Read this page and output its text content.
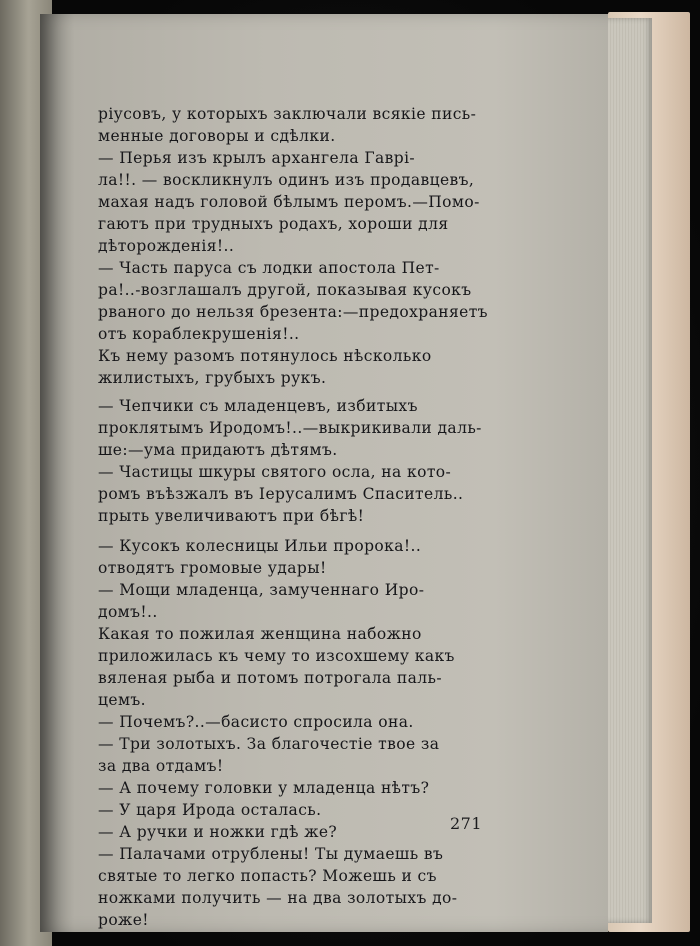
ріусовъ, у которыхъ заключали всякіе пись-
менные договоры и сдѣлки.
— Перья изъ крылъ архангела Гаврі-
ла!!. — воскликнулъ одинъ изъ продавцевъ,
махая надъ головой бѣлымъ перомъ.—Помо-
гаютъ при трудныхъ родахъ, хороши для
дѣторожденія!..
— Часть паруса съ лодки апостола Пет-
ра!..-возглашалъ другой, показывая кусокъ
рваного до нельзя брезента:—предохраняетъ
отъ кораблекрушенія!..
Къ нему разомъ потянулось нѣсколько
жилистыхъ, грубыхъ рукъ.
— Чепчики съ младенцевъ, избитыхъ
проклятымъ Иродомъ!..—выкрикивали даль-
ше:—ума придаютъ дѣтямъ.
— Частицы шкуры святого осла, на кото-
ромъ въѣзжалъ въ Іерусалимъ Спаситель..
прыть увеличиваютъ при бѣгѣ!
— Кусокъ колесницы Ильи пророка!..
отводятъ громовые удары!
— Мощи младенца, замученнаго Иро-
домъ!..
Какая то пожилая женщина набожно
приложилась къ чему то изсохшему какъ
вяленая рыба и потомъ потрогала паль-
цемъ.
— Почемъ?..—басисто спросила она.
— Три золотыхъ. За благочестіе твое за
за два отдамъ!
— А почему головки у младенца нѣтъ?
— У царя Ирода осталась.
— А ручки и ножки гдѣ же?
— Палачами отрублены! Ты думаешь въ
святые то легко попасть? Можешь и съ
ножками получить — на два золотыхъ до-
роже!
271
